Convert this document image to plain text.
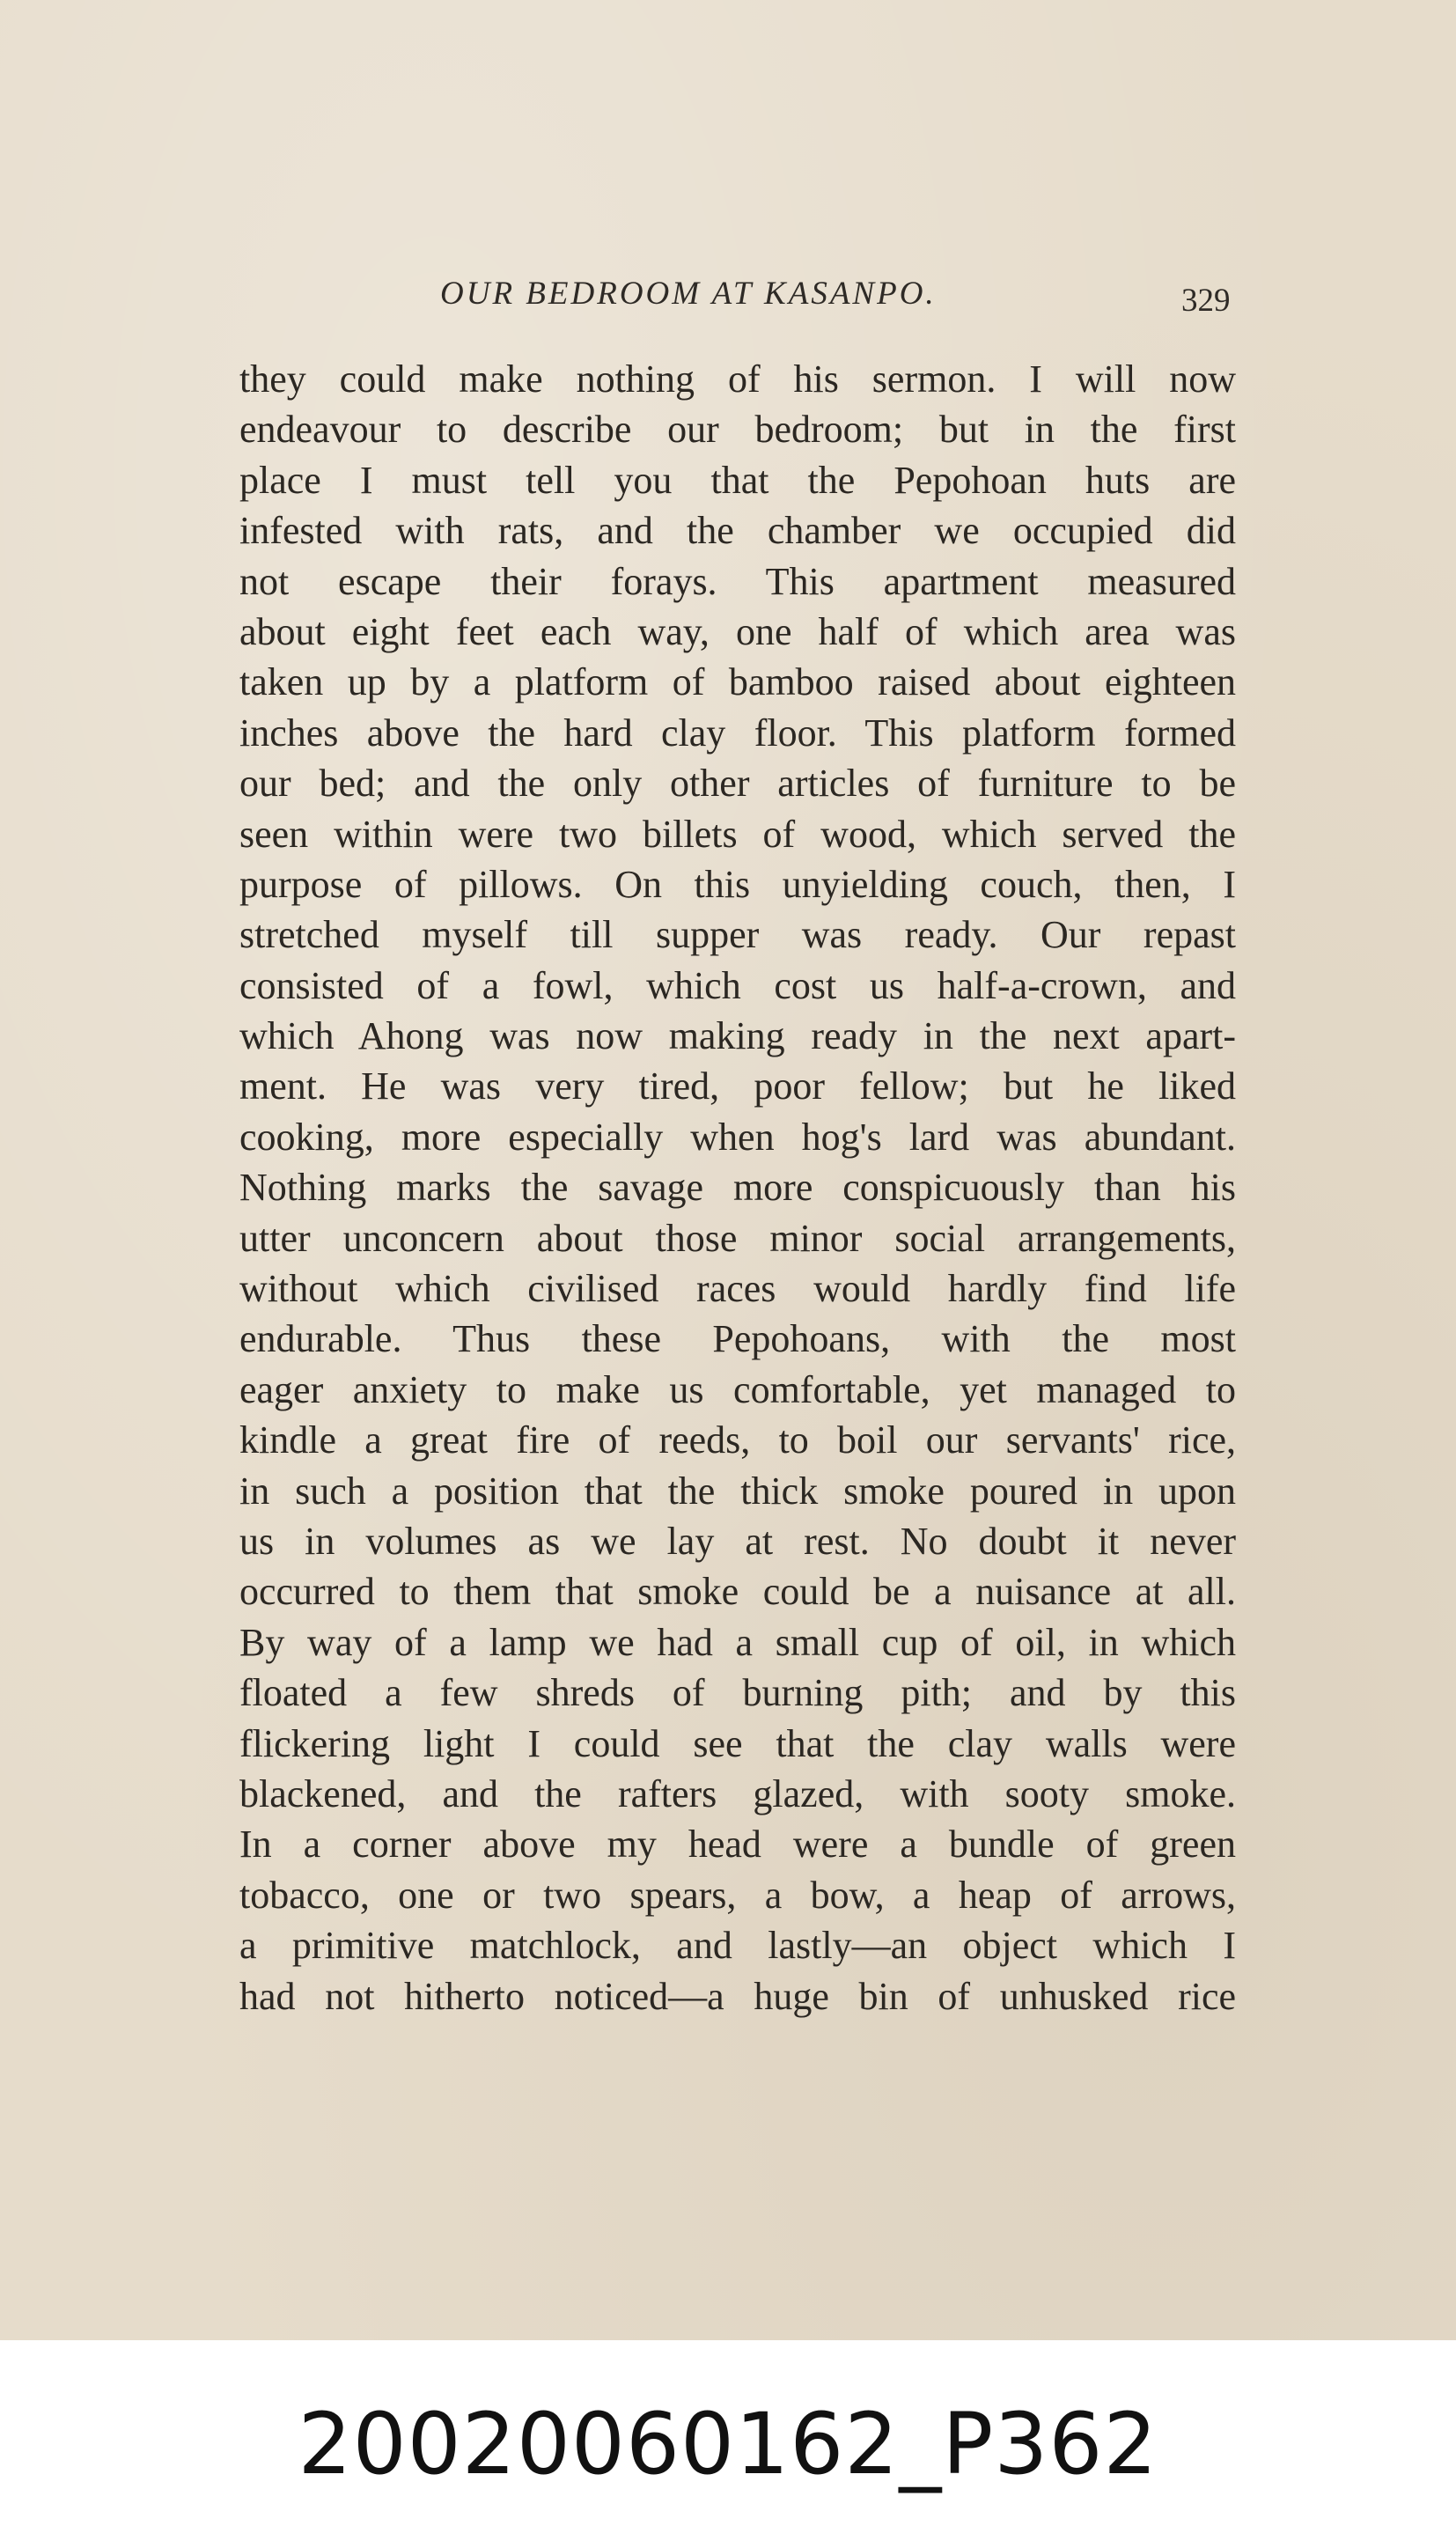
OUR BEDROOM AT KASANPO.	329
they could make nothing of his sermon. I will now
endeavour to describe our bedroom; but in the first
place I must tell you that the Pepohoan huts are
infested with rats, and the chamber we occupied did
not escape their forays. This apartment measured
about eight feet each way, one half of which area was
taken up by a platform of bamboo raised about eighteen
inches above the hard clay floor. This platform formed
our bed; and the only other articles of furniture to be
seen within were two billets of wood, which served the
purpose of pillows. On this unyielding couch, then, I
stretched myself till supper was ready. Our repast
consisted of a fowl, which cost us half-a-crown, and
which Ahong was now making ready in the next apart-
ment. He was very tired, poor fellow; but he liked
cooking, more especially when hog's lard was abundant.
Nothing marks the savage more conspicuously than his
utter unconcern about those minor social arrangements,
without which civilised races would hardly find life
endurable. Thus these Pepohoans, with the most
eager anxiety to make us comfortable, yet managed to
kindle a great fire of reeds, to boil our servants' rice,
in such a position that the thick smoke poured in upon
us in volumes as we lay at rest. No doubt it never
occurred to them that smoke could be a nuisance at all.
By way of a lamp we had a small cup of oil, in which
floated a few shreds of burning pith; and by this
flickering light I could see that the clay walls were
blackened, and the rafters glazed, with sooty smoke.
In a corner above my head were a bundle of green
tobacco, one or two spears, a bow, a heap of arrows,
a primitive matchlock, and lastly—an object which I
had not hitherto noticed—a huge bin of unhusked rice
20020060162_P362
